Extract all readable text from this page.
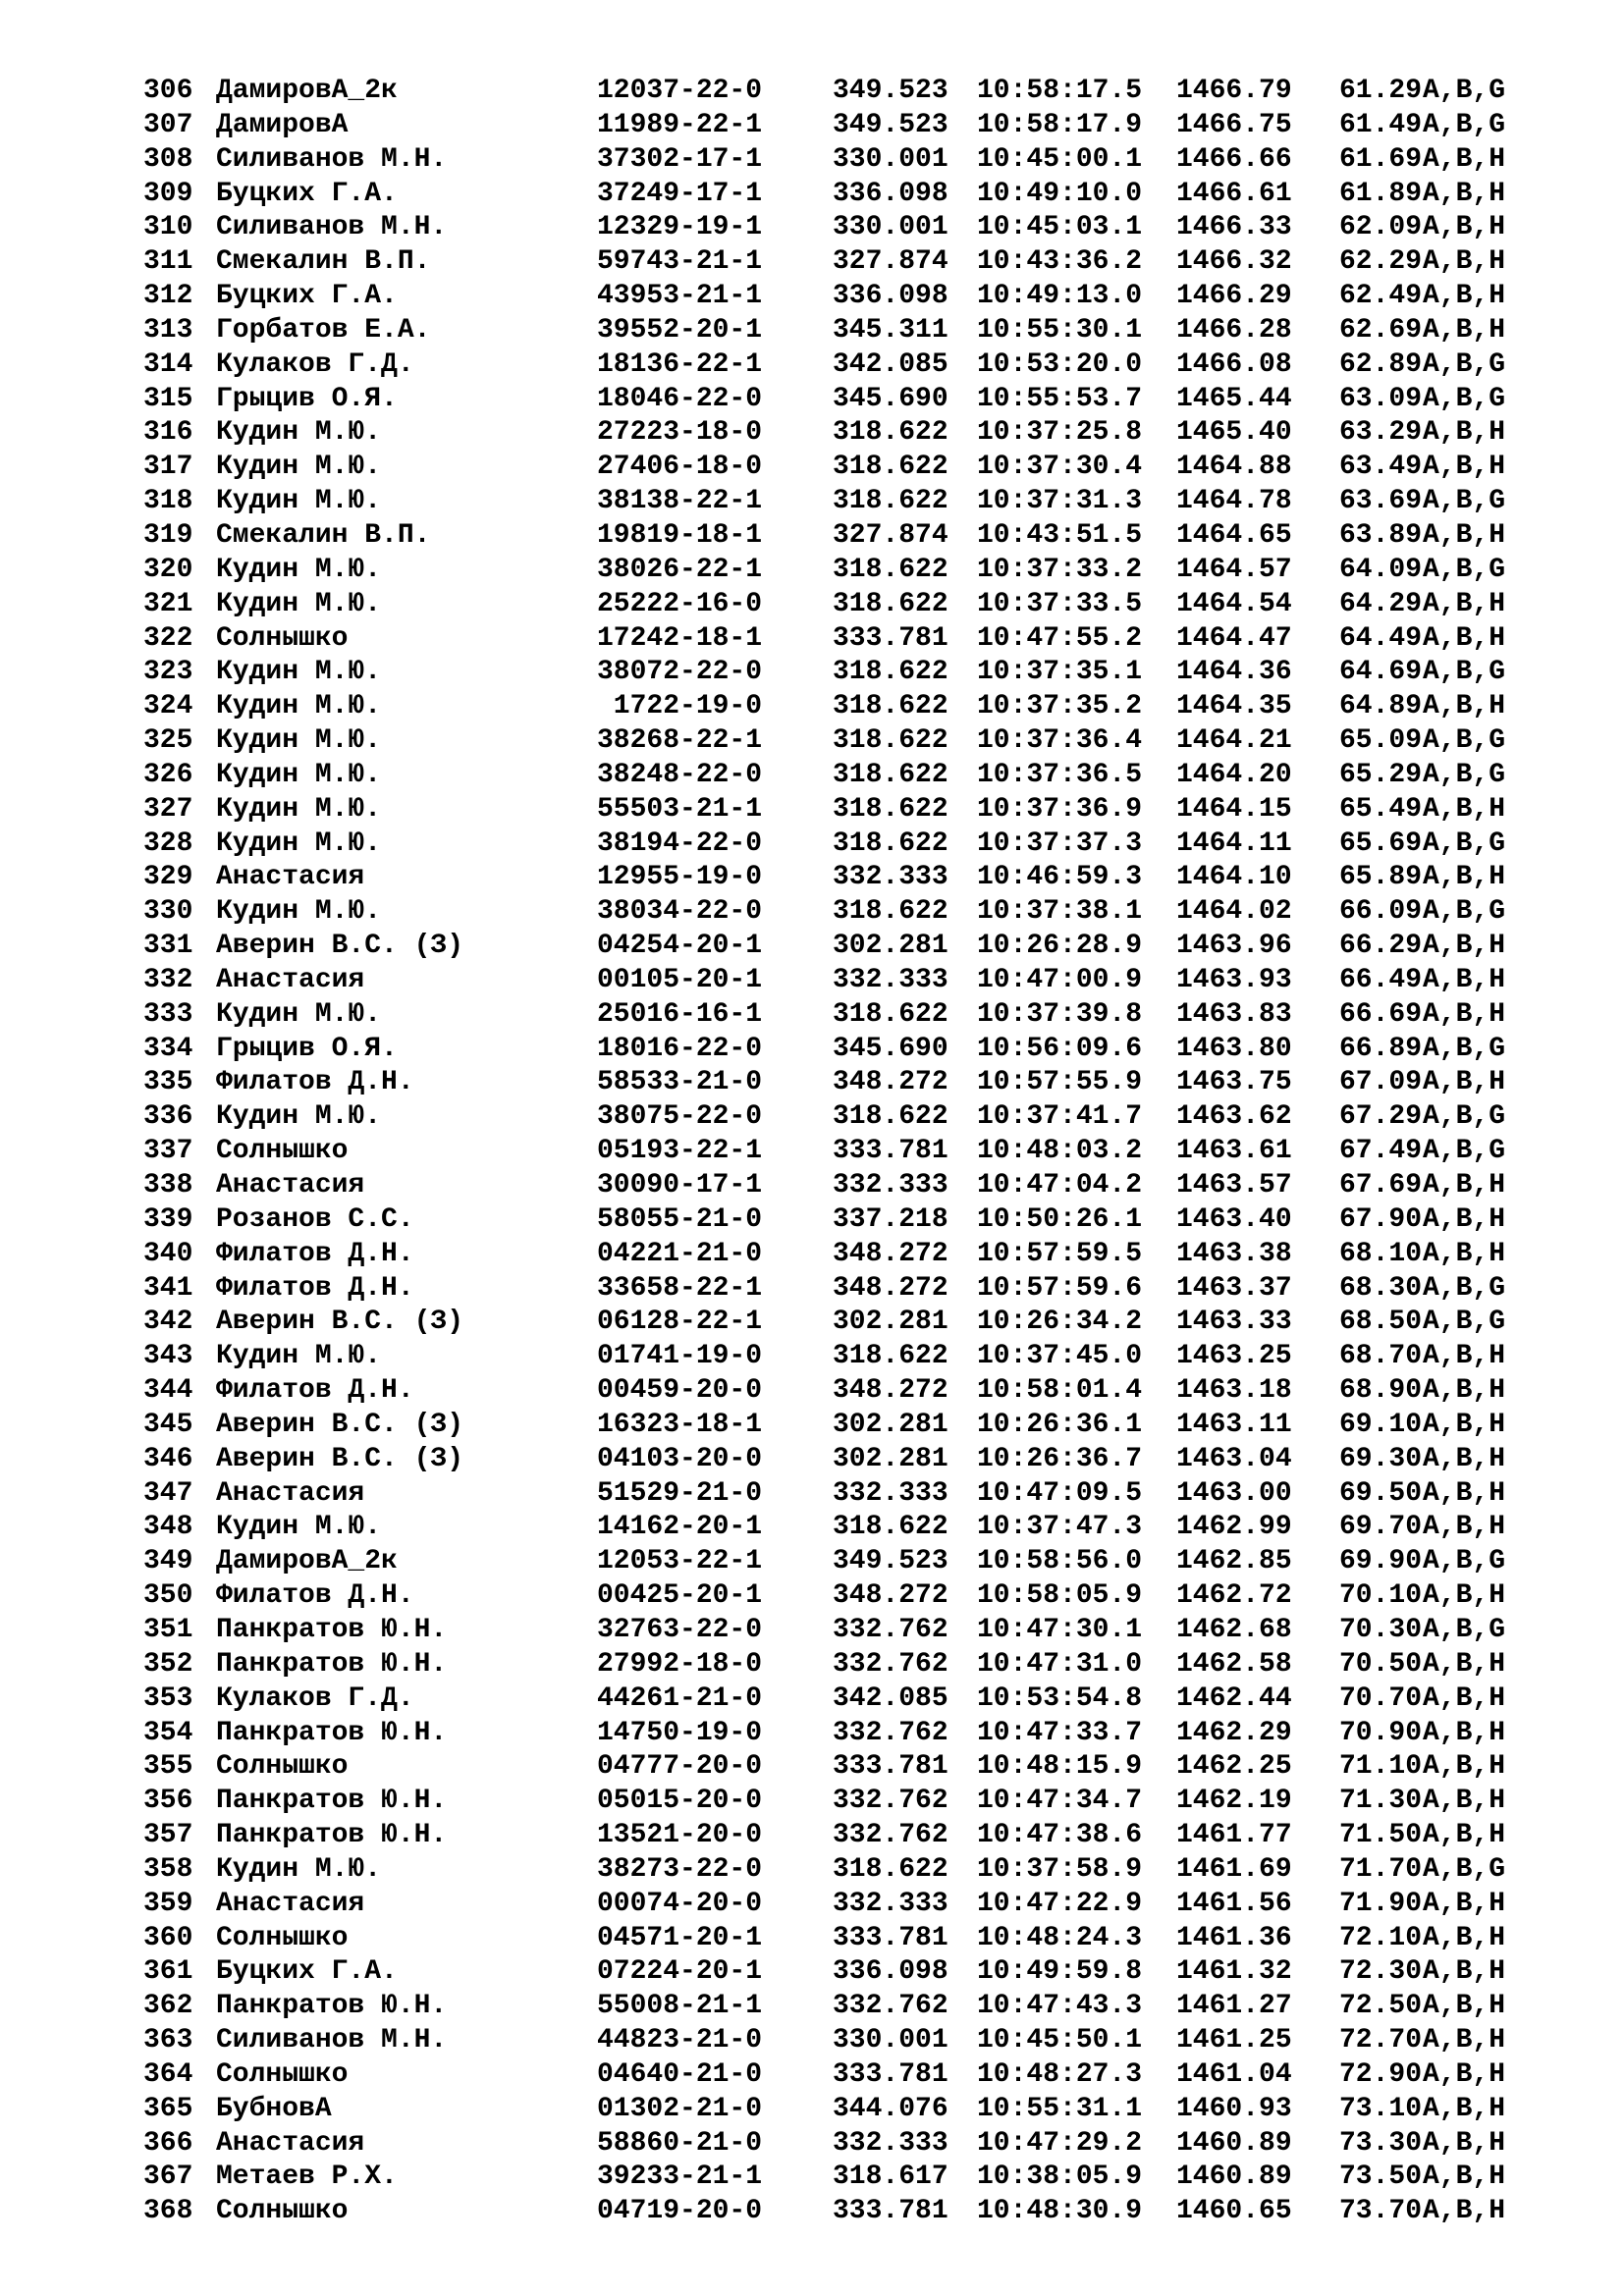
306 ДамировА_2к	12037-22-0	349.523 10:58:17.5 1466.79 61.29 A,B,G
307 ДамировА	11989-22-1	349.523 10:58:17.9 1466.75 61.49 A,B,G
308 Силиванов М.Н.	37302-17-1	330.001 10:45:00.1 1466.66 61.69 A,B,H
309 Буцких Г.А.	37249-17-1	336.098 10:49:10.0 1466.61 61.89 A,B,H
310 Силиванов М.Н.	12329-19-1	330.001 10:45:03.1 1466.33 62.09 A,B,H
311 Смекалин В.П.	59743-21-1	327.874 10:43:36.2 1466.32 62.29 A,B,H
312 Буцких Г.А.	43953-21-1	336.098 10:49:13.0 1466.29 62.49 A,B,H
313 Горбатов Е.А.	39552-20-1	345.311 10:55:30.1 1466.28 62.69 A,B,H
314 Кулаков Г.Д.	18136-22-1	342.085 10:53:20.0 1466.08 62.89 A,B,G
315 Грыцив О.Я.	18046-22-0	345.690 10:55:53.7 1465.44 63.09 A,B,G
316 Кудин М.Ю.	27223-18-0	318.622 10:37:25.8 1465.40 63.29 A,B,H
317 Кудин М.Ю.	27406-18-0	318.622 10:37:30.4 1464.88 63.49 A,B,H
318 Кудин М.Ю.	38138-22-1	318.622 10:37:31.3 1464.78 63.69 A,B,G
319 Смекалин В.П.	19819-18-1	327.874 10:43:51.5 1464.65 63.89 A,B,H
320 Кудин М.Ю.	38026-22-1	318.622 10:37:33.2 1464.57 64.09 A,B,G
321 Кудин М.Ю.	25222-16-0	318.622 10:37:33.5 1464.54 64.29 A,B,H
322 Солнышко	17242-18-1	333.781 10:47:55.2 1464.47 64.49 A,B,H
323 Кудин М.Ю.	38072-22-0	318.622 10:37:35.1 1464.36 64.69 A,B,G
324 Кудин М.Ю.	1722-19-0	318.622 10:37:35.2 1464.35 64.89 A,B,H
325 Кудин М.Ю.	38268-22-1	318.622 10:37:36.4 1464.21 65.09 A,B,G
326 Кудин М.Ю.	38248-22-0	318.622 10:37:36.5 1464.20 65.29 A,B,G
327 Кудин М.Ю.	55503-21-1	318.622 10:37:36.9 1464.15 65.49 A,B,H
328 Кудин М.Ю.	38194-22-0	318.622 10:37:37.3 1464.11 65.69 A,B,G
329 Анастасия	12955-19-0	332.333 10:46:59.3 1464.10 65.89 A,B,H
330 Кудин М.Ю.	38034-22-0	318.622 10:37:38.1 1464.02 66.09 A,B,G
331 Аверин В.С. (З)	04254-20-1	302.281 10:26:28.9 1463.96 66.29 A,B,H
332 Анастасия	00105-20-1	332.333 10:47:00.9 1463.93 66.49 A,B,H
333 Кудин М.Ю.	25016-16-1	318.622 10:37:39.8 1463.83 66.69 A,B,H
334 Грыцив О.Я.	18016-22-0	345.690 10:56:09.6 1463.80 66.89 A,B,G
335 Филатов Д.Н.	58533-21-0	348.272 10:57:55.9 1463.75 67.09 A,B,H
336 Кудин М.Ю.	38075-22-0	318.622 10:37:41.7 1463.62 67.29 A,B,G
337 Солнышко	05193-22-1	333.781 10:48:03.2 1463.61 67.49 A,B,G
338 Анастасия	30090-17-1	332.333 10:47:04.2 1463.57 67.69 A,B,H
339 Розанов С.С.	58055-21-0	337.218 10:50:26.1 1463.40 67.90 A,B,H
340 Филатов Д.Н.	04221-21-0	348.272 10:57:59.5 1463.38 68.10 A,B,H
341 Филатов Д.Н.	33658-22-1	348.272 10:57:59.6 1463.37 68.30 A,B,G
342 Аверин В.С. (З)	06128-22-1	302.281 10:26:34.2 1463.33 68.50 A,B,G
343 Кудин М.Ю.	01741-19-0	318.622 10:37:45.0 1463.25 68.70 A,B,H
344 Филатов Д.Н.	00459-20-0	348.272 10:58:01.4 1463.18 68.90 A,B,H
345 Аверин В.С. (З)	16323-18-1	302.281 10:26:36.1 1463.11 69.10 A,B,H
346 Аверин В.С. (З)	04103-20-0	302.281 10:26:36.7 1463.04 69.30 A,B,H
347 Анастасия	51529-21-0	332.333 10:47:09.5 1463.00 69.50 A,B,H
348 Кудин М.Ю.	14162-20-1	318.622 10:37:47.3 1462.99 69.70 A,B,H
349 ДамировА_2к	12053-22-1	349.523 10:58:56.0 1462.85 69.90 A,B,G
350 Филатов Д.Н.	00425-20-1	348.272 10:58:05.9 1462.72 70.10 A,B,H
351 Панкратов Ю.Н.	32763-22-0	332.762 10:47:30.1 1462.68 70.30 A,B,G
352 Панкратов Ю.Н.	27992-18-0	332.762 10:47:31.0 1462.58 70.50 A,B,H
353 Кулаков Г.Д.	44261-21-0	342.085 10:53:54.8 1462.44 70.70 A,B,H
354 Панкратов Ю.Н.	14750-19-0	332.762 10:47:33.7 1462.29 70.90 A,B,H
355 Солнышко	04777-20-0	333.781 10:48:15.9 1462.25 71.10 A,B,H
356 Панкратов Ю.Н.	05015-20-0	332.762 10:47:34.7 1462.19 71.30 A,B,H
357 Панкратов Ю.Н.	13521-20-0	332.762 10:47:38.6 1461.77 71.50 A,B,H
358 Кудин М.Ю.	38273-22-0	318.622 10:37:58.9 1461.69 71.70 A,B,G
359 Анастасия	00074-20-0	332.333 10:47:22.9 1461.56 71.90 A,B,H
360 Солнышко	04571-20-1	333.781 10:48:24.3 1461.36 72.10 A,B,H
361 Буцких Г.А.	07224-20-1	336.098 10:49:59.8 1461.32 72.30 A,B,H
362 Панкратов Ю.Н.	55008-21-1	332.762 10:47:43.3 1461.27 72.50 A,B,H
363 Силиванов М.Н.	44823-21-0	330.001 10:45:50.1 1461.25 72.70 A,B,H
364 Солнышко	04640-21-0	333.781 10:48:27.3 1461.04 72.90 A,B,H
365 БубновА	01302-21-0	344.076 10:55:31.1 1460.93 73.10 A,B,H
366 Анастасия	58860-21-0	332.333 10:47:29.2 1460.89 73.30 A,B,H
367 Метаев Р.Х.	39233-21-1	318.617 10:38:05.9 1460.89 73.50 A,B,H
368 Солнышко	04719-20-0	333.781 10:48:30.9 1460.65 73.70 A,B,H
